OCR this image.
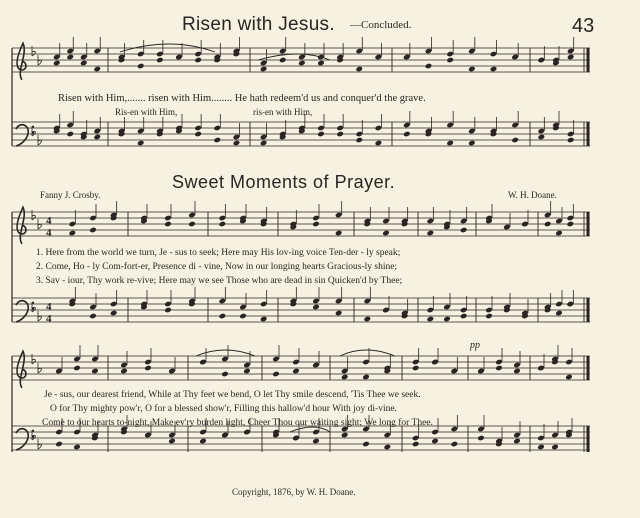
Risen with Jesus. —Concluded.	43
4
4
4
4
Risen with Him,....... risen with Him........ He hath redeem'd us and conquer'd the grave.
Ris-en with Him,	ris-en with Him,
Sweet Moments of Prayer.
Fanny J. Crosby.	W. H. Doane.
1. Here from the world we turn, Je - sus to seek; Here may His lov-ing voice Ten-der - ly speak;
2. Come, Ho - ly Com-fort-er, Presence di - vine, Now in our longing hearts Gracious-ly shine;
3. Sav - iour, Thy work re-vive; Here may we see Those who are dead in sin Quicken'd by Thee;
pp
Je - sus, our dearest friend, While at Thy feet we bend, O let Thy smile descend, 'Tis Thee we seek.
O for Thy mighty pow'r, O for a blessed show'r, Filling this hallow'd hour With joy di-vine.
Come to our hearts to-night, Make ev'ry burden light, Cheer Thou our waiting sight; We long for Thee.
Copyright, 1876, by W. H. Doane.
